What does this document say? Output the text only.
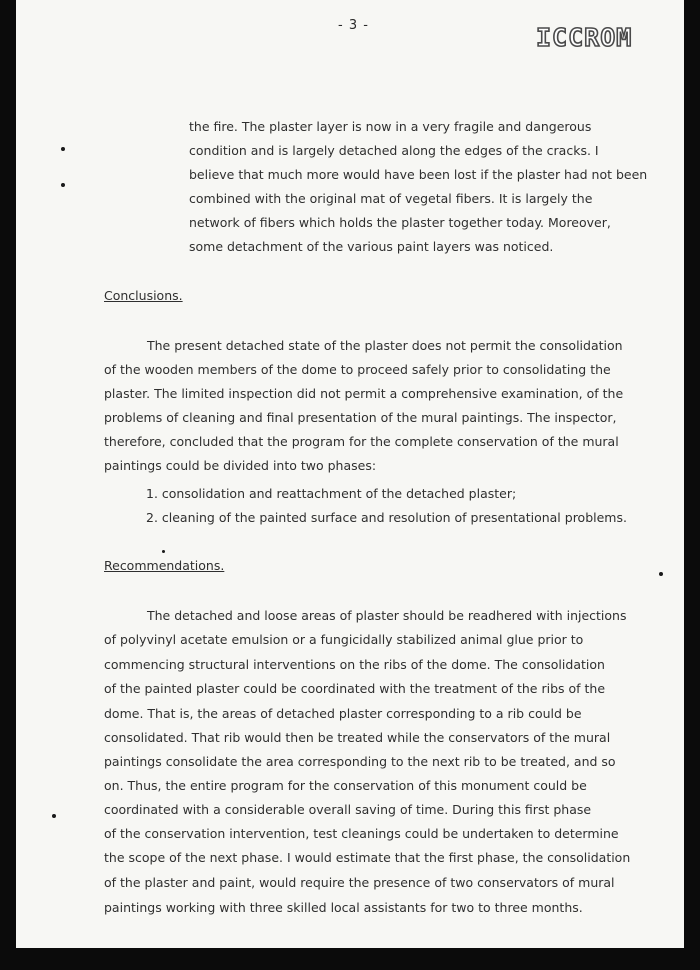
- 3 -	ICCROM
the fire. The plaster layer is now in a very fragile and dangerous
condition and is largely detached along the edges of the cracks. I
believe that much more would have been lost if the plaster had not been
combined with the original mat of vegetal fibers. It is largely the
network of fibers which holds the plaster together today. Moreover,
some detachment of the various paint layers was noticed.
Conclusions.
The present detached state of the plaster does not permit the consolidation
of the wooden members of the dome to proceed safely prior to consolidating the
plaster. The limited inspection did not permit a comprehensive examination, of the
problems of cleaning and final presentation of the mural paintings. The inspector,
therefore, concluded that the program for the complete conservation of the mural
paintings could be divided into two phases:
1. consolidation and reattachment of the detached plaster;
2. cleaning of the painted surface and resolution of presentational problems.
Recommendations.
The detached and loose areas of plaster should be readhered with injections
of polyvinyl acetate emulsion or a fungicidally stabilized animal glue prior to
commencing structural interventions on the ribs of the dome. The consolidation
of the painted plaster could be coordinated with the treatment of the ribs of the
dome. That is, the areas of detached plaster corresponding to a rib could be
consolidated. That rib would then be treated while the conservators of the mural
paintings consolidate the area corresponding to the next rib to be treated, and so
on. Thus, the entire program for the conservation of this monument could be
coordinated with a considerable overall saving of time. During this first phase
of the conservation intervention, test cleanings could be undertaken to determine
the scope of the next phase. I would estimate that the first phase, the consolidation
of the plaster and paint, would require the presence of two conservators of mural
paintings working with three skilled local assistants for two to three months.
